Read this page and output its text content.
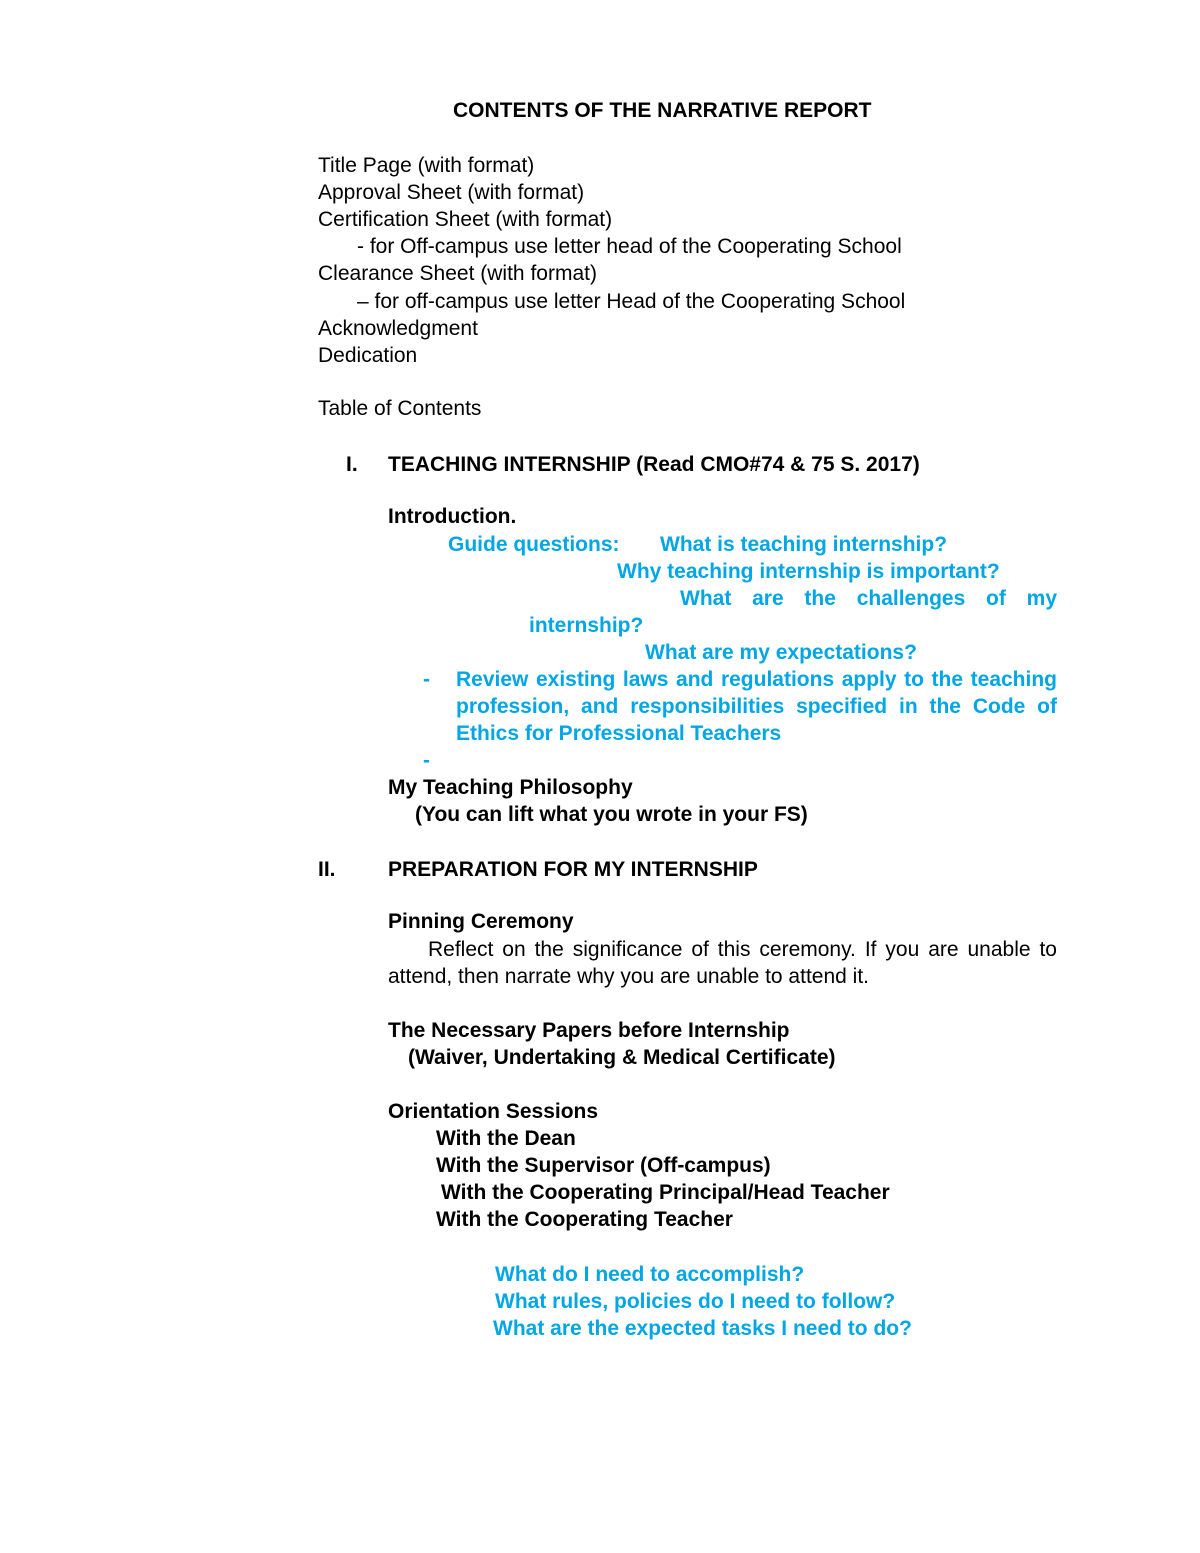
CONTENTS OF THE NARRATIVE REPORT
Title Page (with format)
Approval Sheet (with format)
Certification Sheet (with format)
- for Off-campus use letter head of the Cooperating School
Clearance Sheet (with format)
– for off-campus use letter Head of the Cooperating School
Acknowledgment
Dedication
Table of Contents
I. TEACHING INTERNSHIP (Read CMO#74 & 75 S. 2017)
Introduction.
Guide questions: What is teaching internship?
Why teaching internship is important?
What are the challenges of my
internship?
What are my expectations?
- Review existing laws and regulations apply to the teaching profession, and responsibilities specified in the Code of Ethics for Professional Teachers
-
My Teaching Philosophy
(You can lift what you wrote in your FS)
II. PREPARATION FOR MY INTERNSHIP
Pinning Ceremony
Reflect on the significance of this ceremony. If you are unable to attend, then narrate why you are unable to attend it.
The Necessary Papers before Internship
(Waiver, Undertaking & Medical Certificate)
Orientation Sessions
With the Dean
With the Supervisor (Off-campus)
With the Cooperating Principal/Head Teacher
With the Cooperating Teacher
What do I need to accomplish?
What rules, policies do I need to follow?
What are the expected tasks I need to do?
